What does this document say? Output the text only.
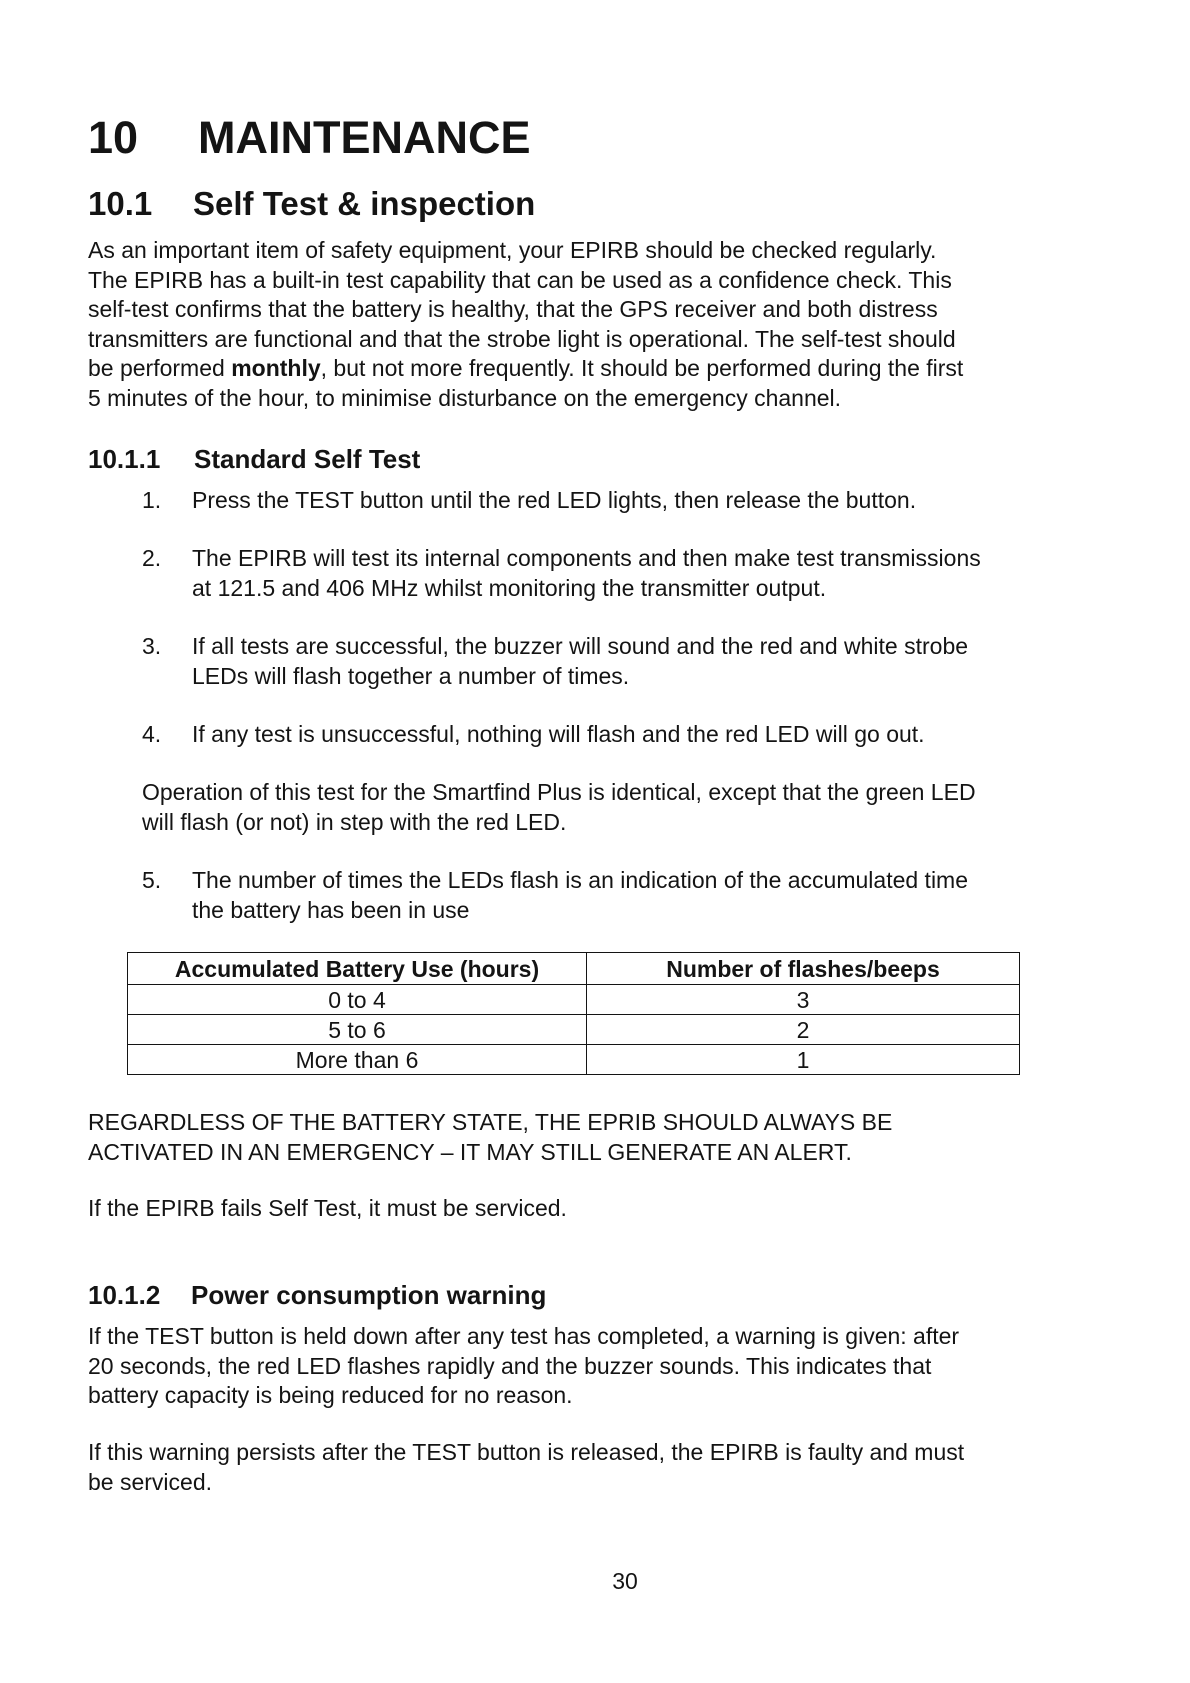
10 MAINTENANCE
10.1 Self Test & inspection
As an important item of safety equipment, your EPIRB should be checked regularly.
The EPIRB has a built-in test capability that can be used as a confidence check. This
self-test confirms that the battery is healthy, that the GPS receiver and both distress
transmitters are functional and that the strobe light is operational. The self-test should
be performed monthly, but not more frequently. It should be performed during the first
5 minutes of the hour, to minimise disturbance on the emergency channel.
10.1.1 Standard Self Test
1. Press the TEST button until the red LED lights, then release the button.
2. The EPIRB will test its internal components and then make test transmissions
at 121.5 and 406 MHz whilst monitoring the transmitter output.
3. If all tests are successful, the buzzer will sound and the red and white strobe
LEDs will flash together a number of times.
4. If any test is unsuccessful, nothing will flash and the red LED will go out.
Operation of this test for the Smartfind Plus is identical, except that the green LED
will flash (or not) in step with the red LED.
5. The number of times the LEDs flash is an indication of the accumulated time
the battery has been in use
Accumulated Battery Use (hours)	Number of flashes/beeps
0 to 4	3
5 to 6	2
More than 6	1
REGARDLESS OF THE BATTERY STATE, THE EPRIB SHOULD ALWAYS BE
ACTIVATED IN AN EMERGENCY – IT MAY STILL GENERATE AN ALERT.
If the EPIRB fails Self Test, it must be serviced.
10.1.2 Power consumption warning
If the TEST button is held down after any test has completed, a warning is given: after
20 seconds, the red LED flashes rapidly and the buzzer sounds. This indicates that
battery capacity is being reduced for no reason.
If this warning persists after the TEST button is released, the EPIRB is faulty and must
be serviced.
30
